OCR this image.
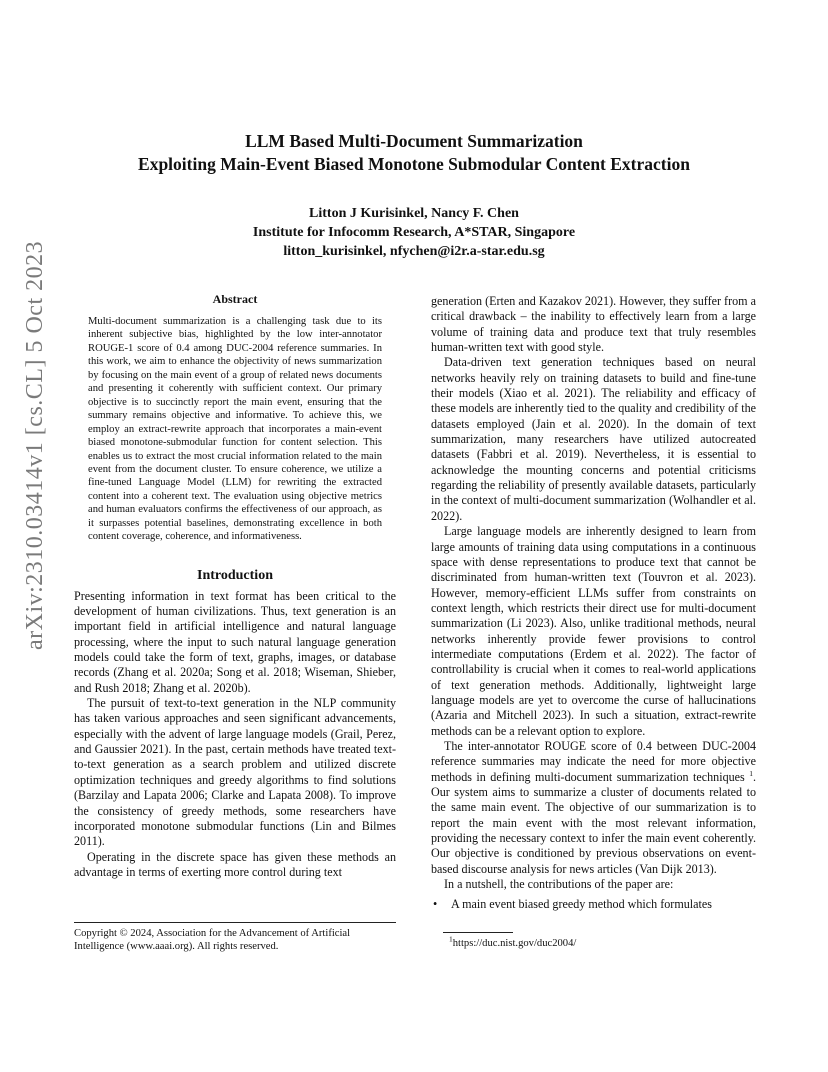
arXiv:2310.03414v1 [cs.CL] 5 Oct 2023

LLM Based Multi-Document Summarization

Exploiting Main-Event Biased Monotone Submodular Content Extraction

Litton J Kurisinkel, Nancy F. Chen
Institute for Infocomm Research, A*STAR, Singapore
litton_kurisinkel, nfychen@i2r.a-star.edu.sg
Abstract

Multi-document summarization is a challenging task due to its inherent subjective bias, highlighted by the low inter-annotator ROUGE-1 score of 0.4 among DUC-2004 reference summaries. In this work, we aim to enhance the objectivity of news summarization by focusing on the main event of a group of related news documents and presenting it coherently with sufficient context. Our primary objective is to succinctly report the main event, ensuring that the summary remains objective and informative. To achieve this, we employ an extract-rewrite approach that incorporates a main-event biased monotone-submodular function for content selection. This enables us to extract the most crucial information related to the main event from the document cluster. To ensure coherence, we utilize a fine-tuned Language Model (LLM) for rewriting the extracted content into a coherent text. The evaluation using objective metrics and human evaluators confirms the effectiveness of our approach, as it surpasses potential baselines, demonstrating excellence in both content coverage, coherence, and informativeness.

Introduction

Presenting information in text format has been critical to the development of human civilizations. Thus, text generation is an important field in artificial intelligence and natural language processing, where the input to such natural language generation models could take the form of text, graphs, images, or database records (Zhang et al. 2020a; Song et al. 2018; Wiseman, Shieber, and Rush 2018; Zhang et al. 2020b).

The pursuit of text-to-text generation in the NLP community has taken various approaches and seen significant advancements, especially with the advent of large language models (Grail, Perez, and Gaussier 2021). In the past, certain methods have treated text-to-text generation as a search problem and utilized discrete optimization techniques and greedy algorithms to find solutions (Barzilay and Lapata 2006; Clarke and Lapata 2008). To improve the consistency of greedy methods, some researchers have incorporated monotone submodular functions (Lin and Bilmes 2011).

Operating in the discrete space has given these methods an advantage in terms of exerting more control during text

Copyright © 2024, Association for the Advancement of Artificial Intelligence (www.aaai.org). All rights reserved.

generation (Erten and Kazakov 2021). However, they suffer from a critical drawback – the inability to effectively learn from a large volume of training data and produce text that truly resembles human-written text with good style.

Data-driven text generation techniques based on neural networks heavily rely on training datasets to build and fine-tune their models (Xiao et al. 2021). The reliability and efficacy of these models are inherently tied to the quality and credibility of the datasets employed (Jain et al. 2020). In the domain of text summarization, many researchers have utilized autocreated datasets (Fabbri et al. 2019). Nevertheless, it is essential to acknowledge the mounting concerns and potential criticisms regarding the reliability of presently available datasets, particularly in the context of multi-document summarization (Wolhandler et al. 2022).

Large language models are inherently designed to learn from large amounts of training data using computations in a continuous space with dense representations to produce text that cannot be discriminated from human-written text (Touvron et al. 2023). However, memory-efficient LLMs suffer from constraints on context length, which restricts their direct use for multi-document summarization (Li 2023). Also, unlike traditional methods, neural networks inherently provide fewer provisions to control intermediate computations (Erdem et al. 2022). The factor of controllability is crucial when it comes to real-world applications of text generation methods. Additionally, lightweight large language models are yet to overcome the curse of hallucinations (Azaria and Mitchell 2023). In such a situation, extract-rewrite methods can be a relevant option to explore.

The inter-annotator ROUGE score of 0.4 between DUC-2004 reference summaries may indicate the need for more objective methods in defining multi-document summarization techniques $^1$. Our system aims to summarize a cluster of documents related to the same main event. The objective of our summarization is to report the main event with the most relevant information, providing the necessary context to infer the main event coherently. Our objective is conditioned by previous observations on event-based discourse analysis for news articles (Van Dijk 2013).

In a nutshell, the contributions of the paper are:

•	A main event biased greedy method which formulates

$^1$https://duc.nist.gov/duc2004/
